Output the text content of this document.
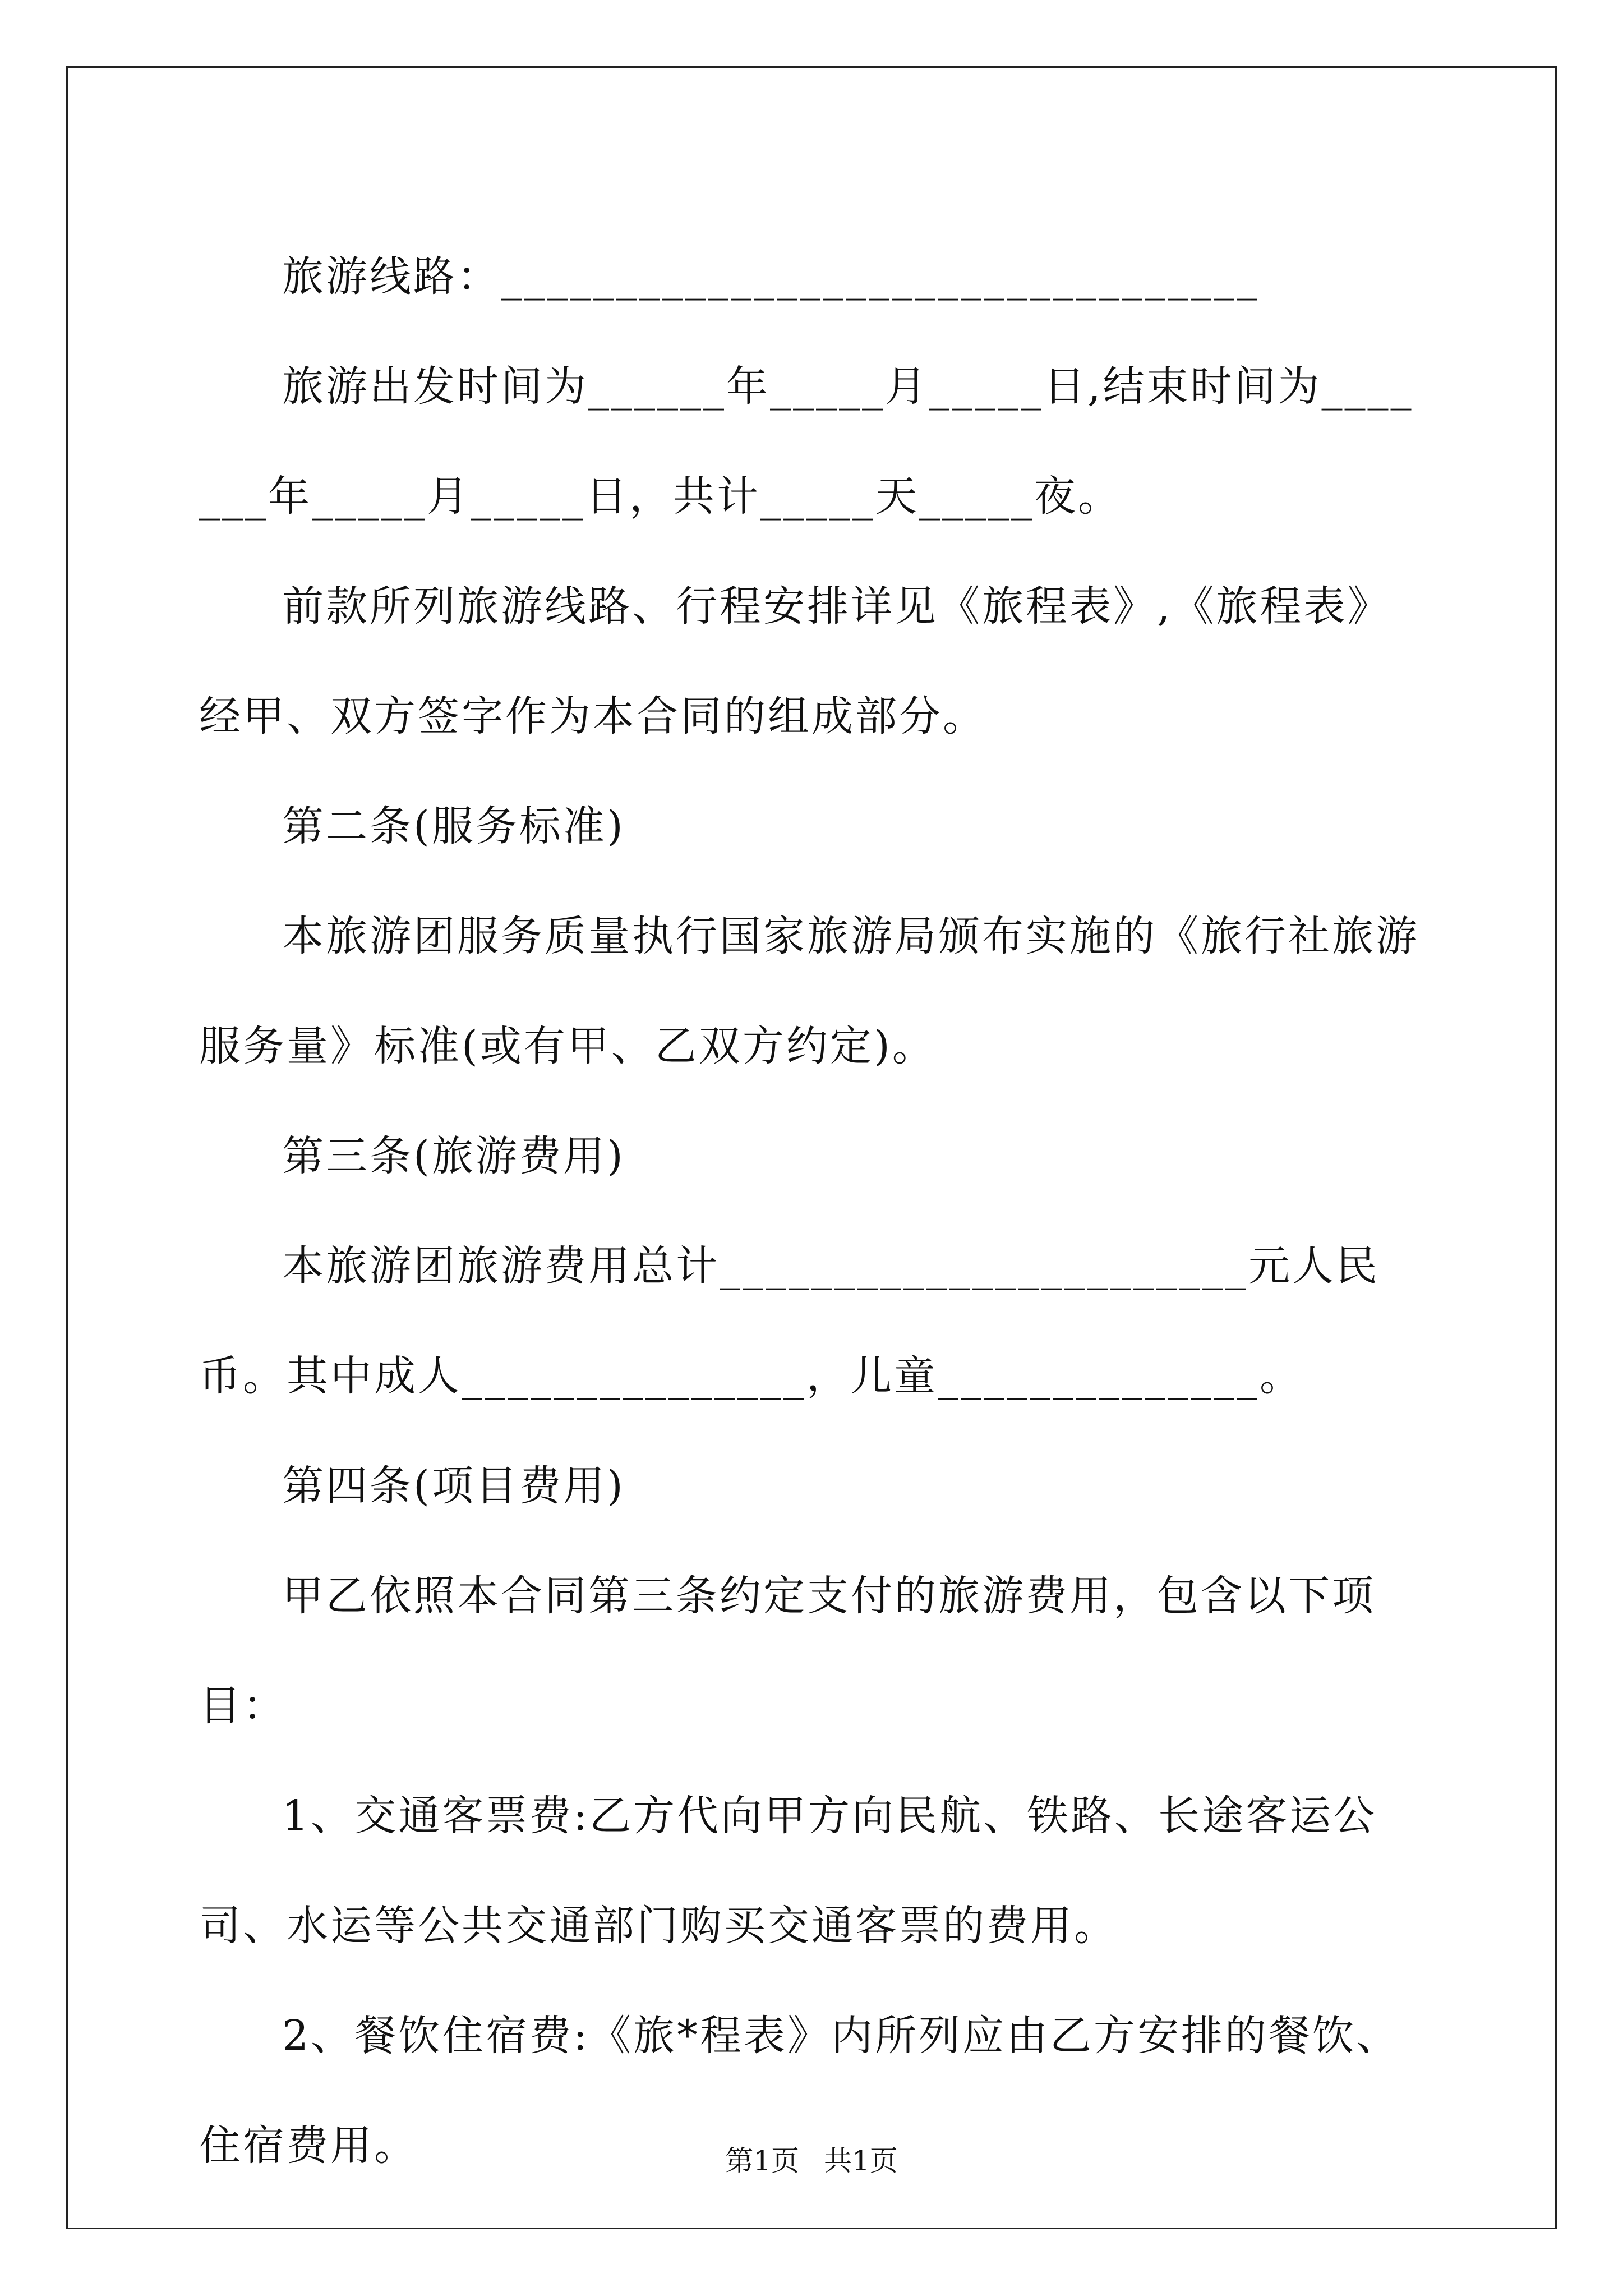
旅游线路：_________________________________

旅游出发时间为______年_____月_____日,结束时间为_______年_____月_____日，共计_____天_____夜。

前款所列旅游线路、行程安排详见《旅程表》,《旅程表》经甲、双方签字作为本合同的组成部分。

第二条(服务标准)

本旅游团服务质量执行国家旅游局颁布实施的《旅行社旅游服务量》标准(或有甲、乙双方约定)。

第三条(旅游费用)

本旅游团旅游费用总计_______________________元人民币。其中成人_______________，儿童______________。

第四条(项目费用)

甲乙依照本合同第三条约定支付的旅游费用，包含以下项目：

1、交通客票费:乙方代向甲方向民航、铁路、长途客运公司、水运等公共交通部门购买交通客票的费用。

2、餐饮住宿费:《旅*程表》内所列应由乙方安排的餐饮、住宿费用。	第1页 共1页
